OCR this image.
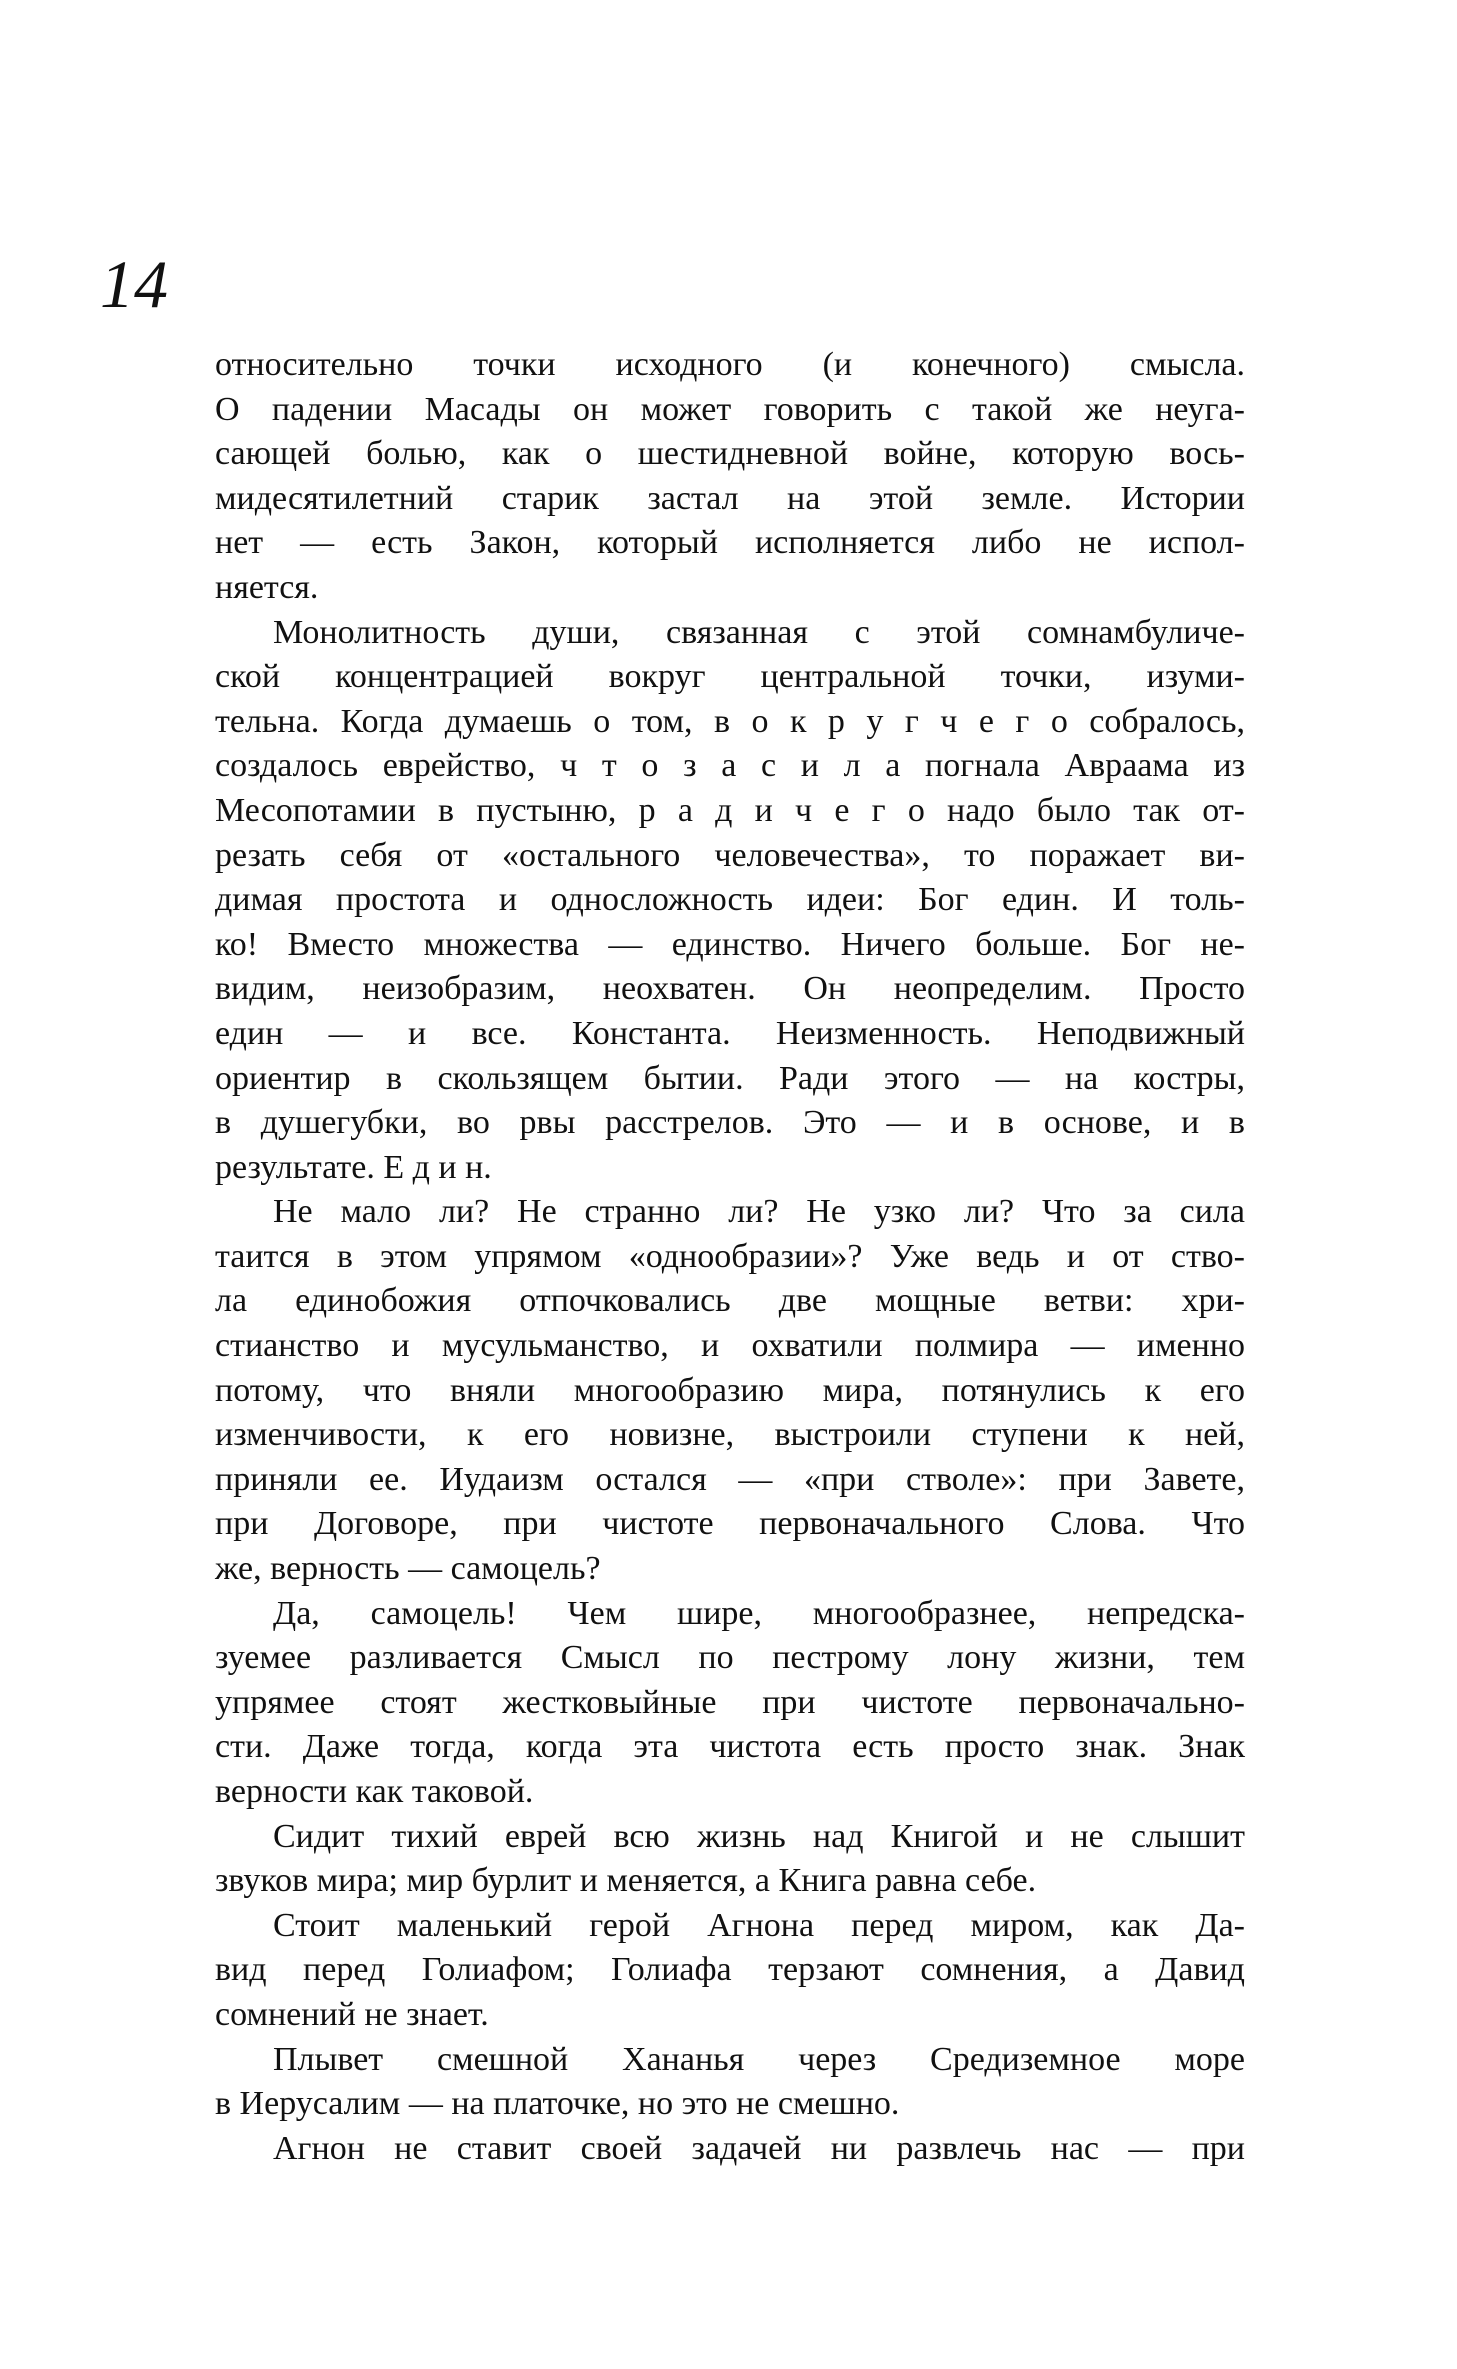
14
относительно точки исходного (и конечного) смысла.
О падении Масады он может говорить с такой же неуга-
сающей болью, как о шестидневной войне, которую вось-
мидесятилетний старик застал на этой земле. Истории
нет — есть Закон, который исполняется либо не испол-
няется.
Монолитность души, связанная с этой сомнамбуличе-
ской концентрацией вокруг центральной точки, изуми-
тельна. Когда думаешь о том, в о к р у г ч е г о собралось,
создалось еврейство, ч т о з а с и л а погнала Авраама из
Месопотамии в пустыню, р а д и ч е г о надо было так от-
резать себя от «остального человечества», то поражает ви-
димая простота и односложность идеи: Бог един. И толь-
ко! Вместо множества — единство. Ничего больше. Бог не-
видим, неизобразим, неохватен. Он неопределим. Просто
един — и все. Константа. Неизменность. Неподвижный
ориентир в скользящем бытии. Ради этого — на костры,
в душегубки, во рвы расстрелов. Это — и в основе, и в
результате. Е д и н.
Не мало ли? Не странно ли? Не узко ли? Что за сила
таится в этом упрямом «однообразии»? Уже ведь и от ство-
ла единобожия отпочковались две мощные ветви: хри-
стианство и мусульманство, и охватили полмира — именно
потому, что вняли многообразию мира, потянулись к его
изменчивости, к его новизне, выстроили ступени к ней,
приняли ее. Иудаизм остался — «при стволе»: при Завете,
при Договоре, при чистоте первоначального Слова. Что
же, верность — самоцель?
Да, самоцель! Чем шире, многообразнее, непредска-
зуемее разливается Смысл по пестрому лону жизни, тем
упрямее стоят жестковыйные при чистоте первоначально-
сти. Даже тогда, когда эта чистота есть просто знак. Знак
верности как таковой.
Сидит тихий еврей всю жизнь над Книгой и не слышит
звуков мира; мир бурлит и меняется, а Книга равна себе.
Стоит маленький герой Агнона перед миром, как Да-
вид перед Голиафом; Голиафа терзают сомнения, а Давид
сомнений не знает.
Плывет смешной Хананья через Средиземное море
в Иерусалим — на платочке, но это не смешно.
Агнон не ставит своей задачей ни развлечь нас — при
